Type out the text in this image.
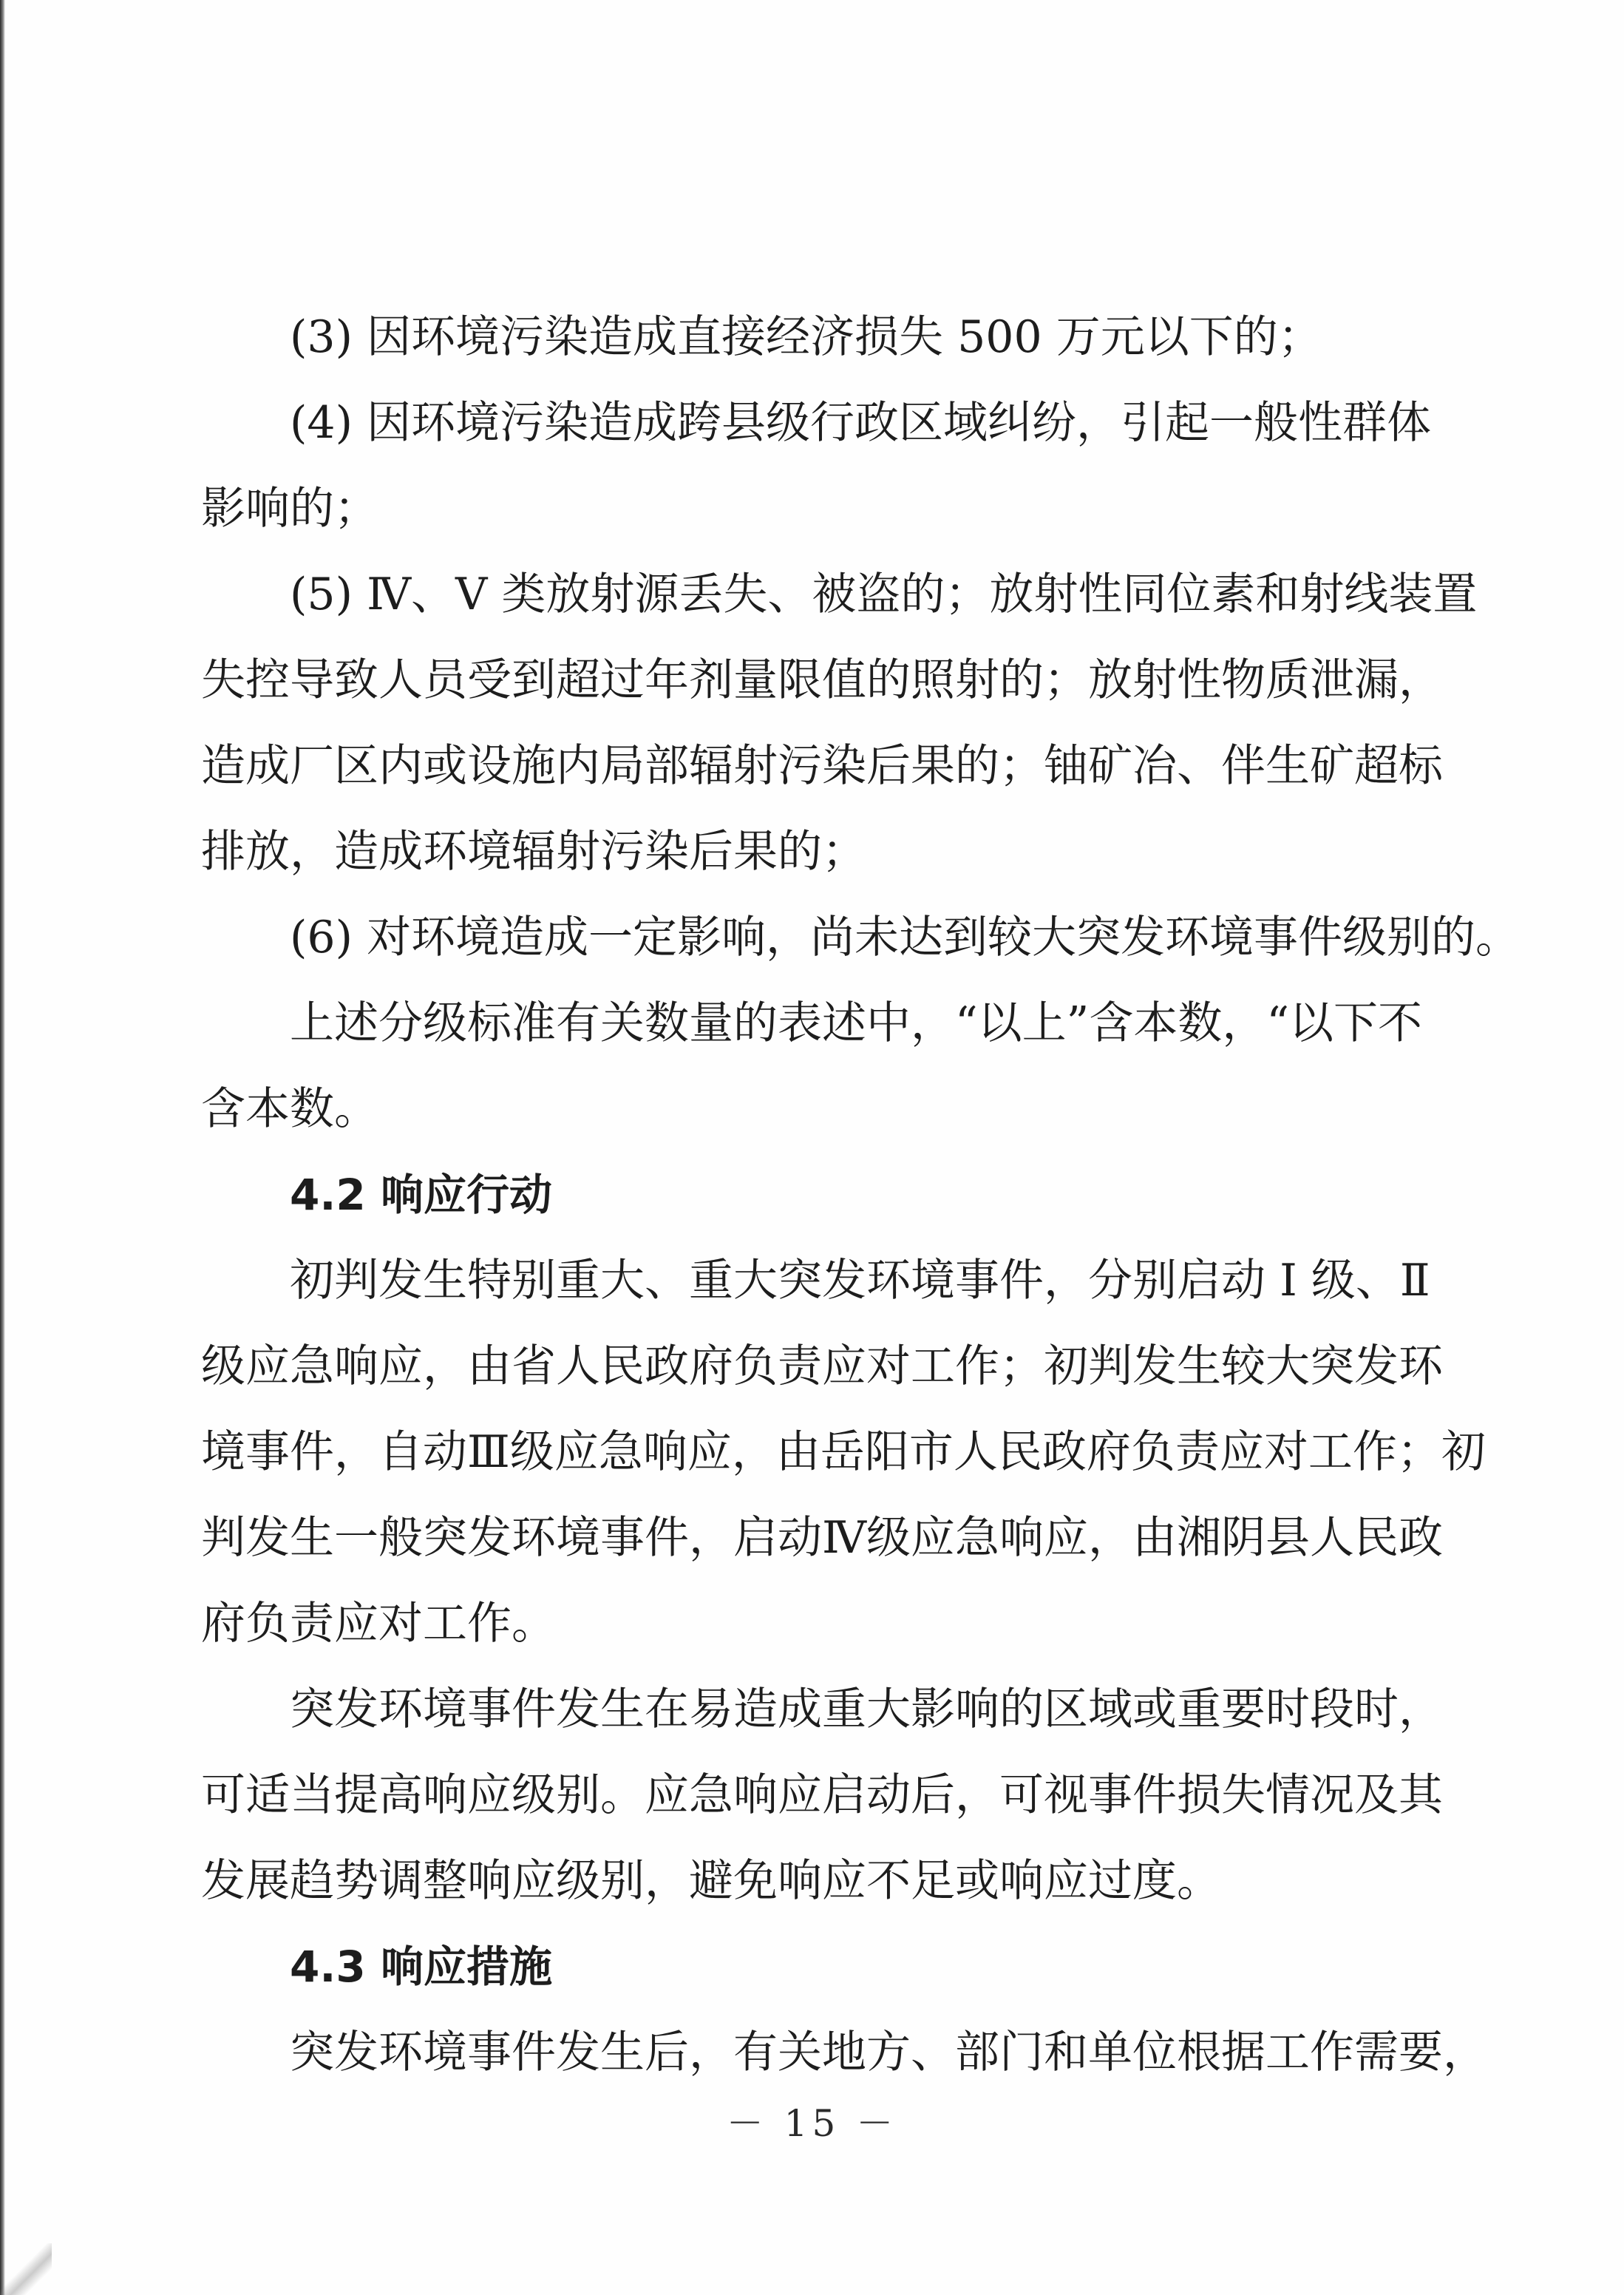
(3) 因环境污染造成直接经济损失 500 万元以下的；
(4) 因环境污染造成跨县级行政区域纠纷，引起一般性群体
影响的；
(5) Ⅳ、Ⅴ 类放射源丢失、被盗的；放射性同位素和射线装置
失控导致人员受到超过年剂量限值的照射的；放射性物质泄漏，
造成厂区内或设施内局部辐射污染后果的；铀矿冶、伴生矿超标
排放，造成环境辐射污染后果的；
(6) 对环境造成一定影响，尚未达到较大突发环境事件级别的。
上述分级标准有关数量的表述中，“以上”含本数，“以下不
含本数。
4.2 响应行动
初判发生特别重大、重大突发环境事件，分别启动 Ⅰ 级、Ⅱ
级应急响应，由省人民政府负责应对工作；初判发生较大突发环
境事件，自动Ⅲ级应急响应，由岳阳市人民政府负责应对工作；初
判发生一般突发环境事件，启动Ⅳ级应急响应，由湘阴县人民政
府负责应对工作。
突发环境事件发生在易造成重大影响的区域或重要时段时，
可适当提高响应级别。应急响应启动后，可视事件损失情况及其
发展趋势调整响应级别，避免响应不足或响应过度。
4.3 响应措施
突发环境事件发生后，有关地方、部门和单位根据工作需要，
－ 15 －
